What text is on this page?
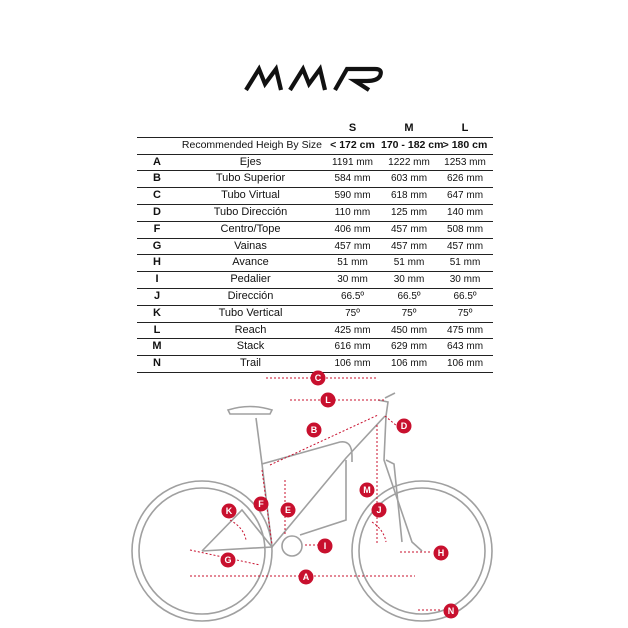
		S	M	L
	Recommended Heigh By Size	< 172 cm	170 - 182 cm	> 180 cm
A	Ejes	1191 mm	1222 mm	1253 mm
B	Tubo Superior	584 mm	603 mm	626 mm
C	Tubo Virtual	590 mm	618 mm	647 mm
D	Tubo Dirección	110 mm	125 mm	140 mm
F	Centro/Tope	406 mm	457 mm	508 mm
G	Vainas	457 mm	457 mm	457 mm
H	Avance	51 mm	51 mm	51 mm
I	Pedalier	30 mm	30 mm	30 mm
J	Dirección	66.5º	66.5º	66.5º
K	Tubo Vertical	75º	75º	75º
L	Reach	425 mm	450 mm	475 mm
M	Stack	616 mm	629 mm	643 mm
N	Trail	106 mm	106 mm	106 mm
C
L
B	D
M
E
F
K	J
I
H
G
A
N
